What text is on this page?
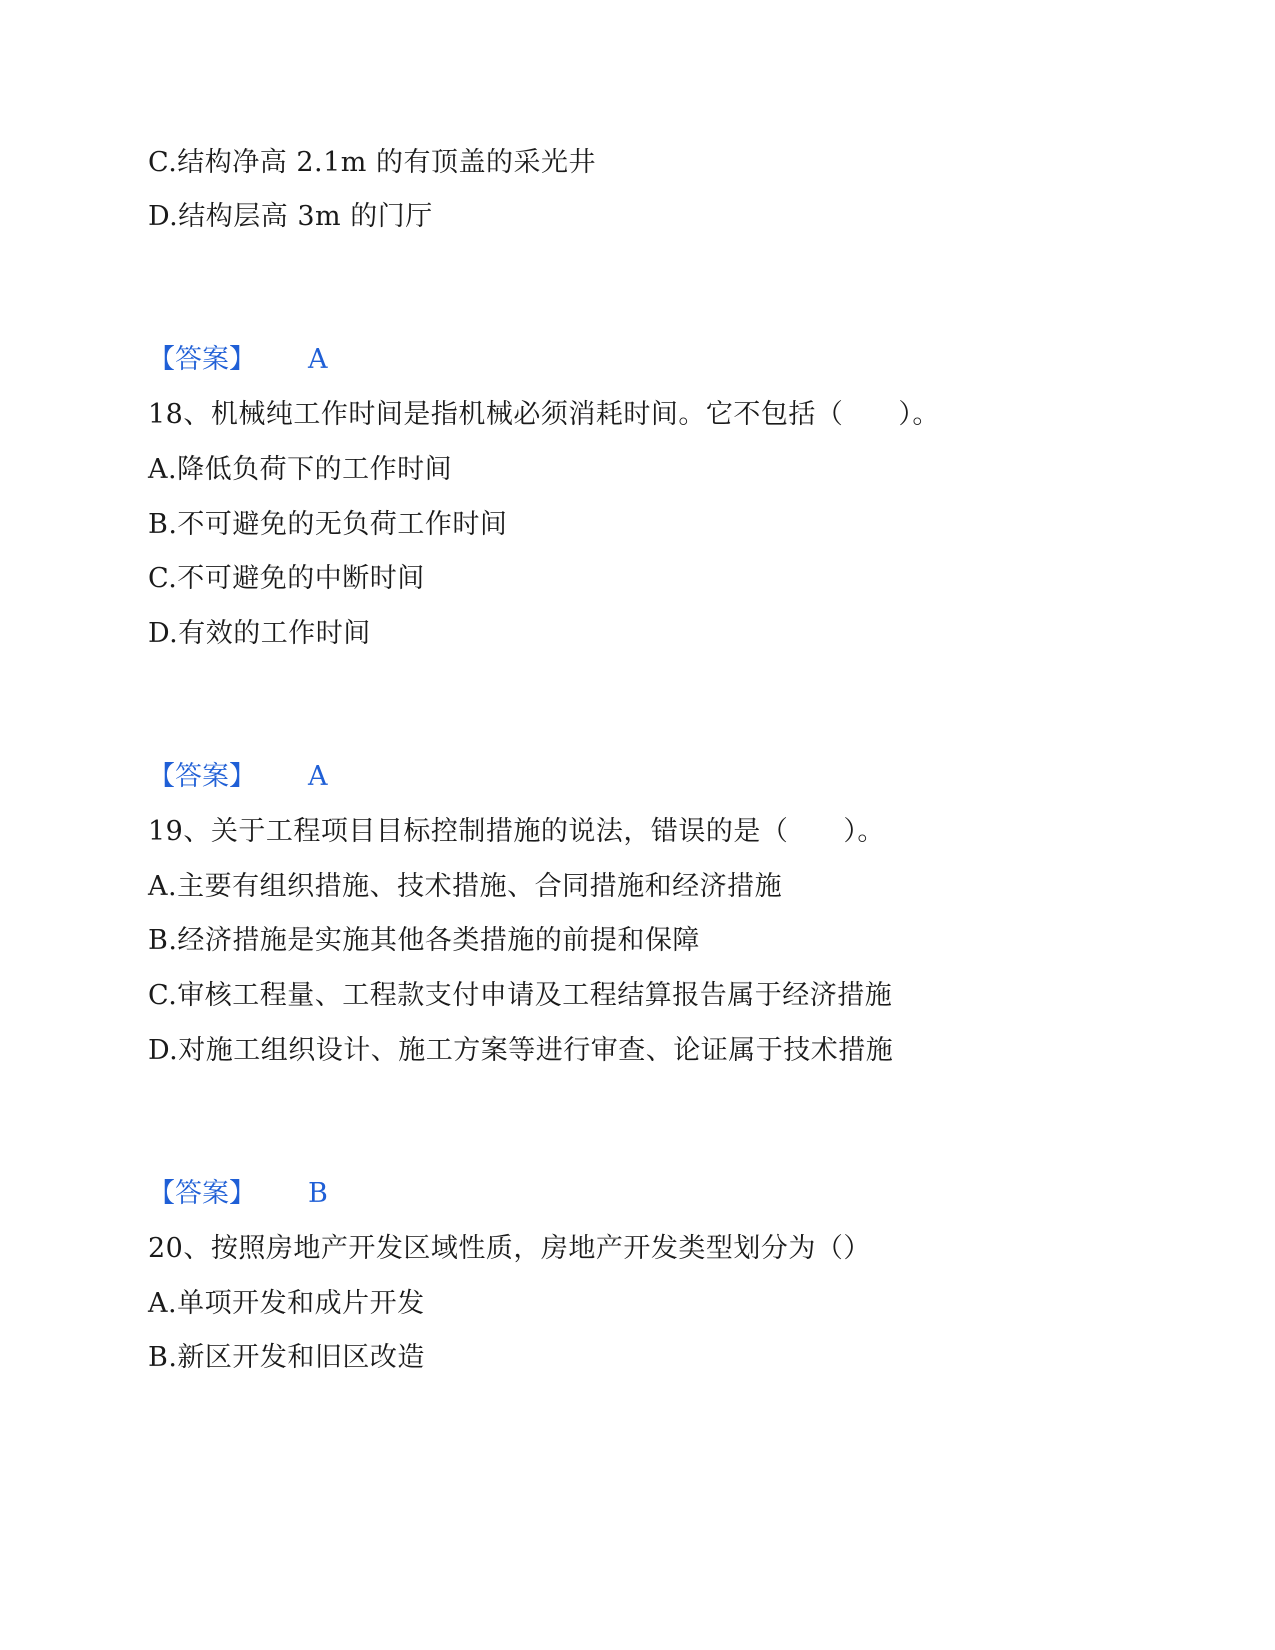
C.结构净高 2.1m 的有顶盖的采光井
D.结构层高 3m 的门厅
【答案】 A
18、机械纯工作时间是指机械必须消耗时间。它不包括（　　）。
A.降低负荷下的工作时间
B.不可避免的无负荷工作时间
C.不可避免的中断时间
D.有效的工作时间
【答案】 A
19、关于工程项目目标控制措施的说法，错误的是（　　）。
A.主要有组织措施、技术措施、合同措施和经济措施
B.经济措施是实施其他各类措施的前提和保障
C.审核工程量、工程款支付申请及工程结算报告属于经济措施
D.对施工组织设计、施工方案等进行审查、论证属于技术措施
【答案】 B
20、按照房地产开发区域性质，房地产开发类型划分为（）
A.单项开发和成片开发
B.新区开发和旧区改造
